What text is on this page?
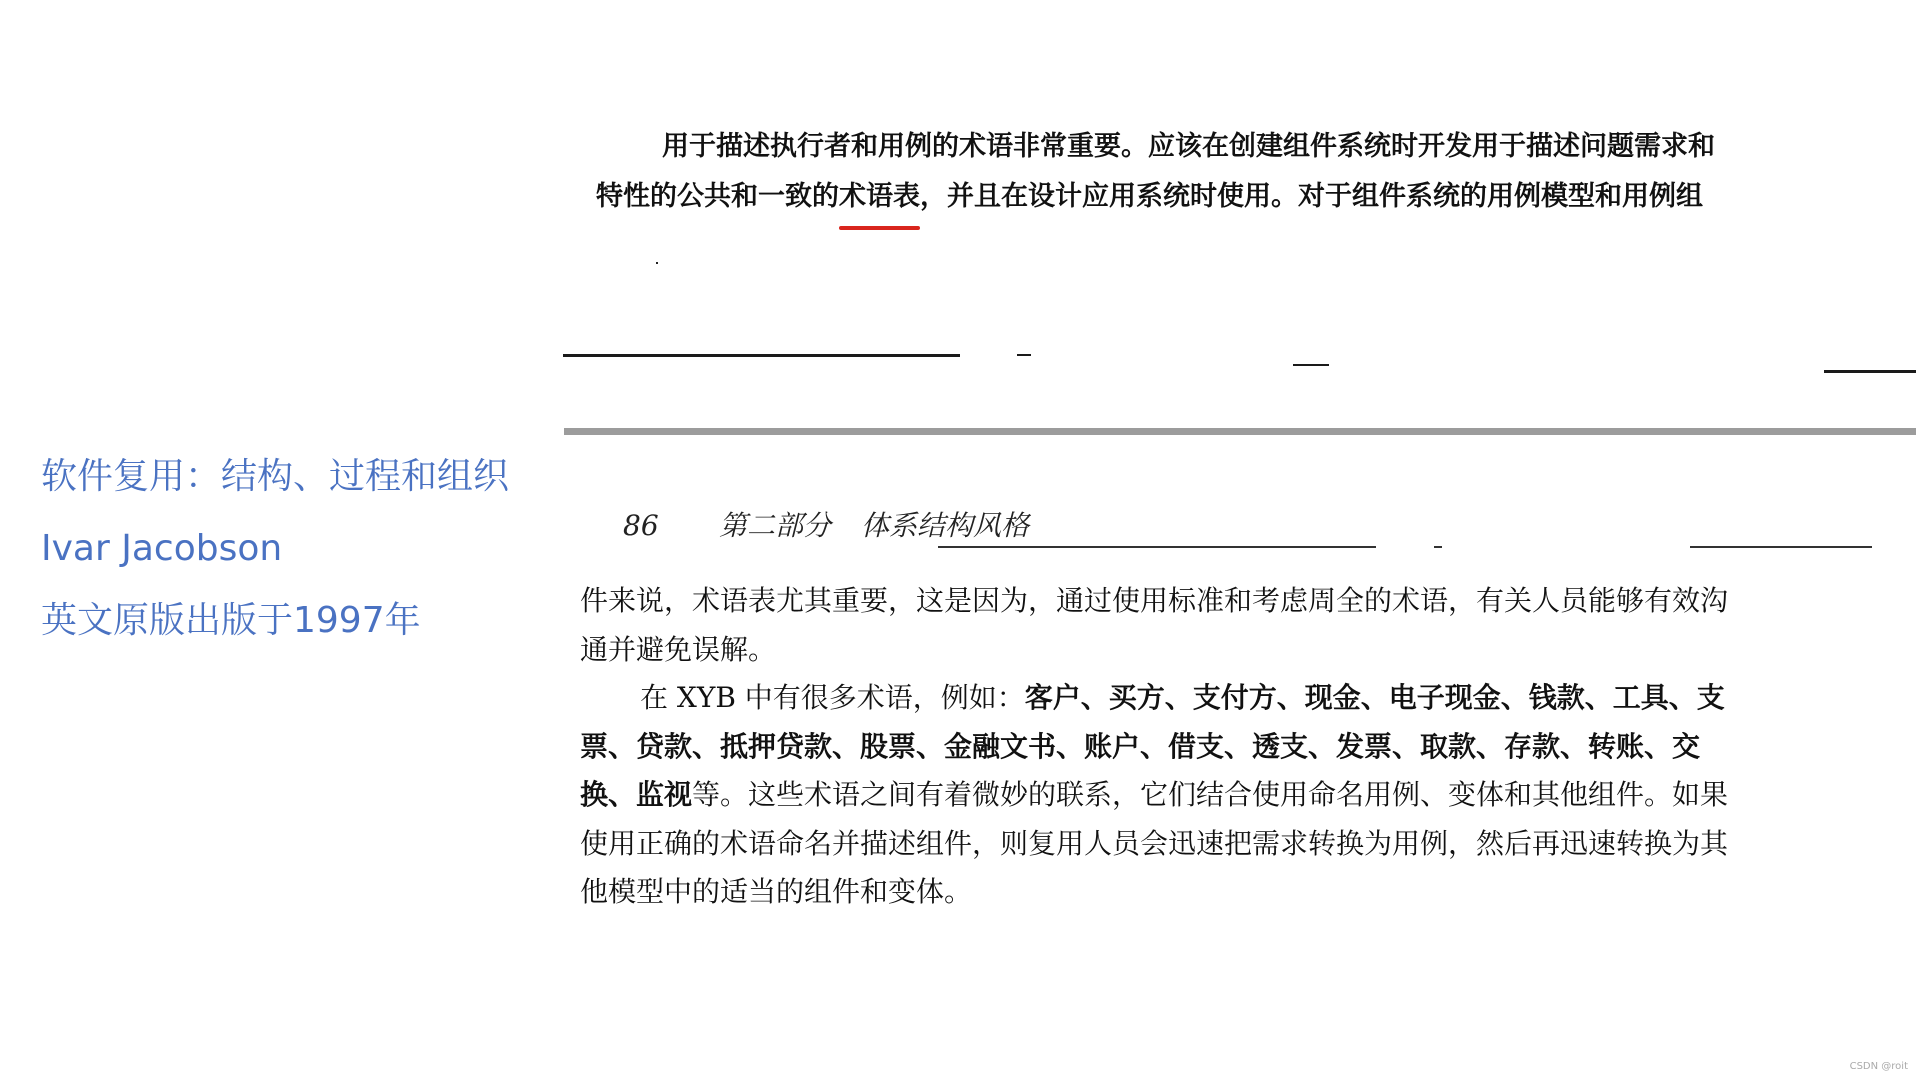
软件复用：结构、过程和组织
Ivar Jacobson
英文原版出版于1997年
用于描述执行者和用例的术语非常重要。应该在创建组件系统时开发用于描述问题需求和
特性的公共和一致的术语表
，并且在设计应用系统时使用。对于组件系统的用例模型和用例组
86 第二部分 体系结构风格
件来说，术语表尤其重要，这是因为，通过使用标准和考虑周全的术语，有关人员能够有效沟
通并避免误解。
在 XYB 中有很多术语，例如：客户、买方、支付方、现金、电子现金、钱款、工具、支
票、贷款、抵押贷款、股票、金融文书、账户、借支、透支、发票、取款、存款、转账、交
换、监视等。这些术语之间有着微妙的联系，它们结合使用命名用例、变体和其他组件。如果
使用正确的术语命名并描述组件，则复用人员会迅速把需求转换为用例，然后再迅速转换为其
他模型中的适当的组件和变体。
CSDN @roit
